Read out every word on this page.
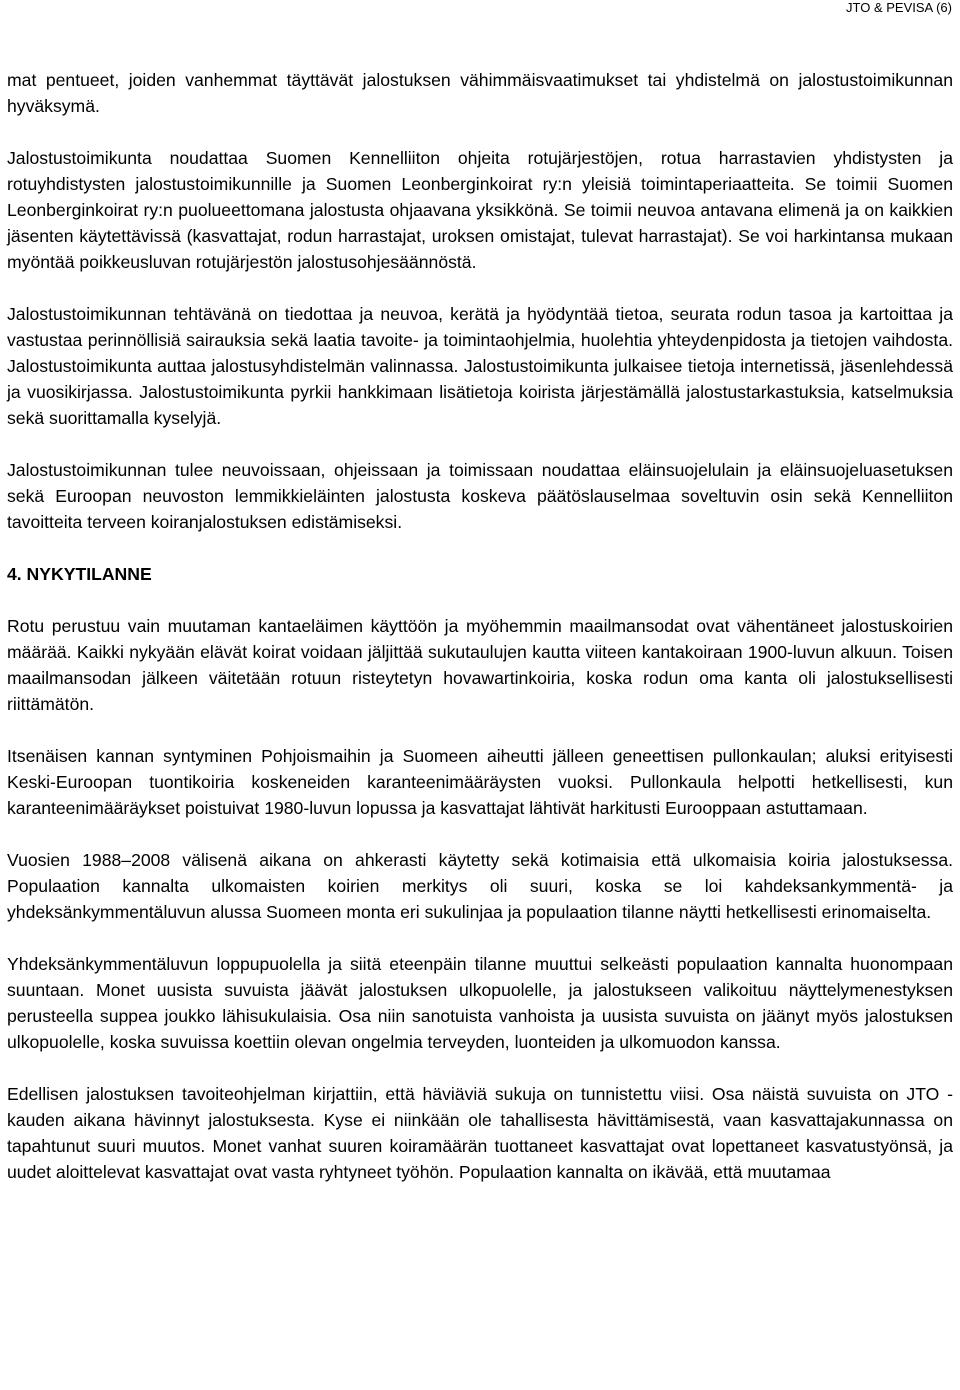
JTO & PEVISA (6)

mat pentueet, joiden vanhemmat täyttävät jalostuksen vähimmäisvaatimukset tai yhdistelmä on jalostustoimikunnan hyväksymä.

Jalostustoimikunta noudattaa Suomen Kennelliiton ohjeita rotujärjestöjen, rotua harrastavien yhdistysten ja rotuyhdistysten jalostustoimikunnille ja Suomen Leonberginkoirat ry:n yleisiä toimintaperiaatteita. Se toimii Suomen Leonberginkoirat ry:n puolueettomana jalostusta ohjaavana yksikkönä. Se toimii neuvoa antavana elimenä ja on kaikkien jäsenten käytettävissä (kasvattajat, rodun harrastajat, uroksen omistajat, tulevat harrastajat). Se voi harkintansa mukaan myöntää poikkeusluvan rotujärjestön jalostusohjesäännöstä.

Jalostustoimikunnan tehtävänä on tiedottaa ja neuvoa, kerätä ja hyödyntää tietoa, seurata rodun tasoa ja kartoittaa ja vastustaa perinnöllisiä sairauksia sekä laatia tavoite- ja toimintaohjelmia, huolehtia yhteydenpidosta ja tietojen vaihdosta. Jalostustoimikunta auttaa jalostusyhdistelmän valinnassa. Jalostustoimikunta julkaisee tietoja internetissä, jäsenlehdessä ja vuosikirjassa. Jalostustoimikunta pyrkii hankkimaan lisätietoja koirista järjestämällä jalostustarkastuksia, katselmuksia sekä suorittamalla kyselyjä.

Jalostustoimikunnan tulee neuvoissaan, ohjeissaan ja toimissaan noudattaa eläinsuojelulain ja eläinsuojeluasetuksen sekä Euroopan neuvoston lemmikkieläinten jalostusta koskeva päätöslauselmaa soveltuvin osin sekä Kennelliiton tavoitteita terveen koiranjalostuksen edistämiseksi.

4. NYKYTILANNE

Rotu perustuu vain muutaman kantaeläimen käyttöön ja myöhemmin maailmansodat ovat vähentäneet jalostuskoirien määrää. Kaikki nykyään elävät koirat voidaan jäljittää sukutaulujen kautta viiteen kantakoiraan 1900-luvun alkuun. Toisen maailmansodan jälkeen väitetään rotuun risteytetyn hovawartinkoiria, koska rodun oma kanta oli jalostuksellisesti riittämätön.

Itsenäisen kannan syntyminen Pohjoismaihin ja Suomeen aiheutti jälleen geneettisen pullonkaulan; aluksi erityisesti Keski-Euroopan tuontikoiria koskeneiden karanteenimääräysten vuoksi. Pullonkaula helpotti hetkellisesti, kun karanteenimääräykset poistuivat 1980-luvun lopussa ja kasvattajat lähtivät harkitusti Eurooppaan astuttamaan.

Vuosien 1988–2008 välisenä aikana on ahkerasti käytetty sekä kotimaisia että ulkomaisia koiria jalostuksessa. Populaation kannalta ulkomaisten koirien merkitys oli suuri, koska se loi kahdeksankymmentä- ja yhdeksänkymmentäluvun alussa Suomeen monta eri sukulinjaa ja populaation tilanne näytti hetkellisesti erinomaiselta.

Yhdeksänkymmentäluvun loppupuolella ja siitä eteenpäin tilanne muuttui selkeästi populaation kannalta huonompaan suuntaan. Monet uusista suvuista jäävät jalostuksen ulkopuolelle, ja jalostukseen valikoituu näyttelymenestyksen perusteella suppea joukko lähisukulaisia. Osa niin sanotuista vanhoista ja uusista suvuista on jäänyt myös jalostuksen ulkopuolelle, koska suvuissa koettiin olevan ongelmia terveyden, luonteiden ja ulkomuodon kanssa.

Edellisen jalostuksen tavoiteohjelman kirjattiin, että häviäviä sukuja on tunnistettu viisi. Osa näistä suvuista on JTO -kauden aikana hävinnyt jalostuksesta. Kyse ei niinkään ole tahallisesta hävittämisestä, vaan kasvattajakunnassa on tapahtunut suuri muutos. Monet vanhat suuren koiramäärän tuottaneet kasvattajat ovat lopettaneet kasvatustyönsä, ja uudet aloittelevat kasvattajat ovat vasta ryhtyneet työhön. Populaation kannalta on ikävää, että muutamaa
